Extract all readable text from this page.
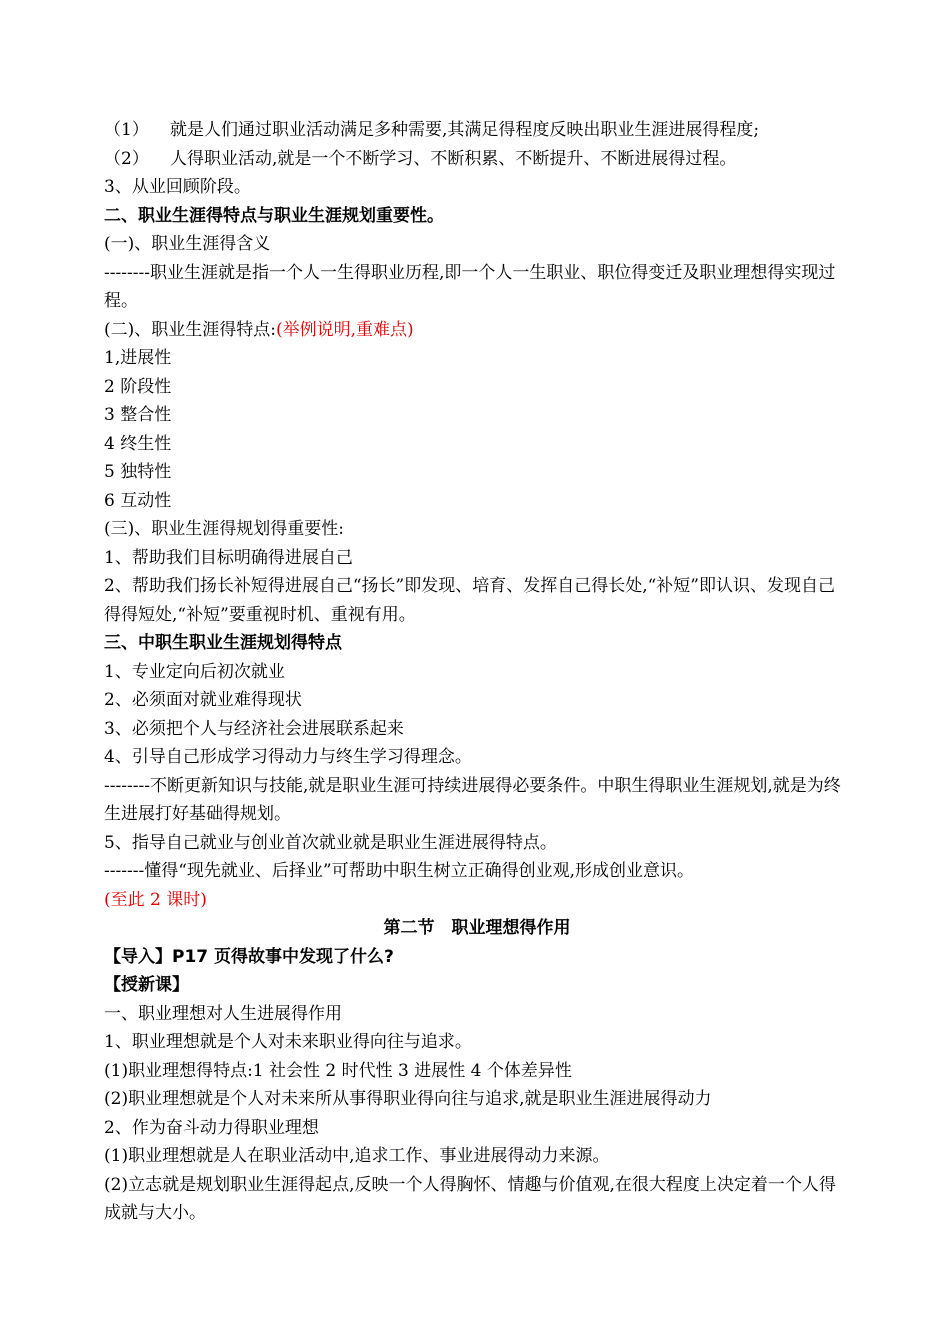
（1） 就是人们通过职业活动满足多种需要,其满足得程度反映出职业生涯进展得程度;

（2） 人得职业活动,就是一个不断学习、不断积累、不断提升、不断进展得过程。

3、从业回顾阶段。

二、职业生涯得特点与职业生涯规划重要性。

(一)、职业生涯得含义

--------职业生涯就是指一个人一生得职业历程,即一个人一生职业、职位得变迁及职业理想得实现过程。

(二)、职业生涯得特点:(举例说明,重难点)

1,进展性

2 阶段性

3 整合性

4 终生性

5 独特性

6 互动性

(三)、职业生涯得规划得重要性:

1、帮助我们目标明确得进展自己

2、帮助我们扬长补短得进展自己“扬长”即发现、培育、发挥自己得长处,“补短”即认识、发现自己得得短处,“补短”要重视时机、重视有用。

三、中职生职业生涯规划得特点

1、专业定向后初次就业

2、必须面对就业难得现状

3、必须把个人与经济社会进展联系起来

4、引导自己形成学习得动力与终生学习得理念。

--------不断更新知识与技能,就是职业生涯可持续进展得必要条件。中职生得职业生涯规划,就是为终生进展打好基础得规划。

5、指导自己就业与创业首次就业就是职业生涯进展得特点。

-------懂得“现先就业、后择业”可帮助中职生树立正确得创业观,形成创业意识。

(至此 2 课时)

第二节　职业理想得作用

【导入】P17 页得故事中发现了什么?

【授新课】

一、职业理想对人生进展得作用

1、职业理想就是个人对未来职业得向往与追求。

(1)职业理想得特点:1 社会性 2 时代性 3 进展性 4 个体差异性

(2)职业理想就是个人对未来所从事得职业得向往与追求,就是职业生涯进展得动力

2、作为奋斗动力得职业理想

(1)职业理想就是人在职业活动中,追求工作、事业进展得动力来源。

(2)立志就是规划职业生涯得起点,反映一个人得胸怀、情趣与价值观,在很大程度上决定着一个人得成就与大小。
